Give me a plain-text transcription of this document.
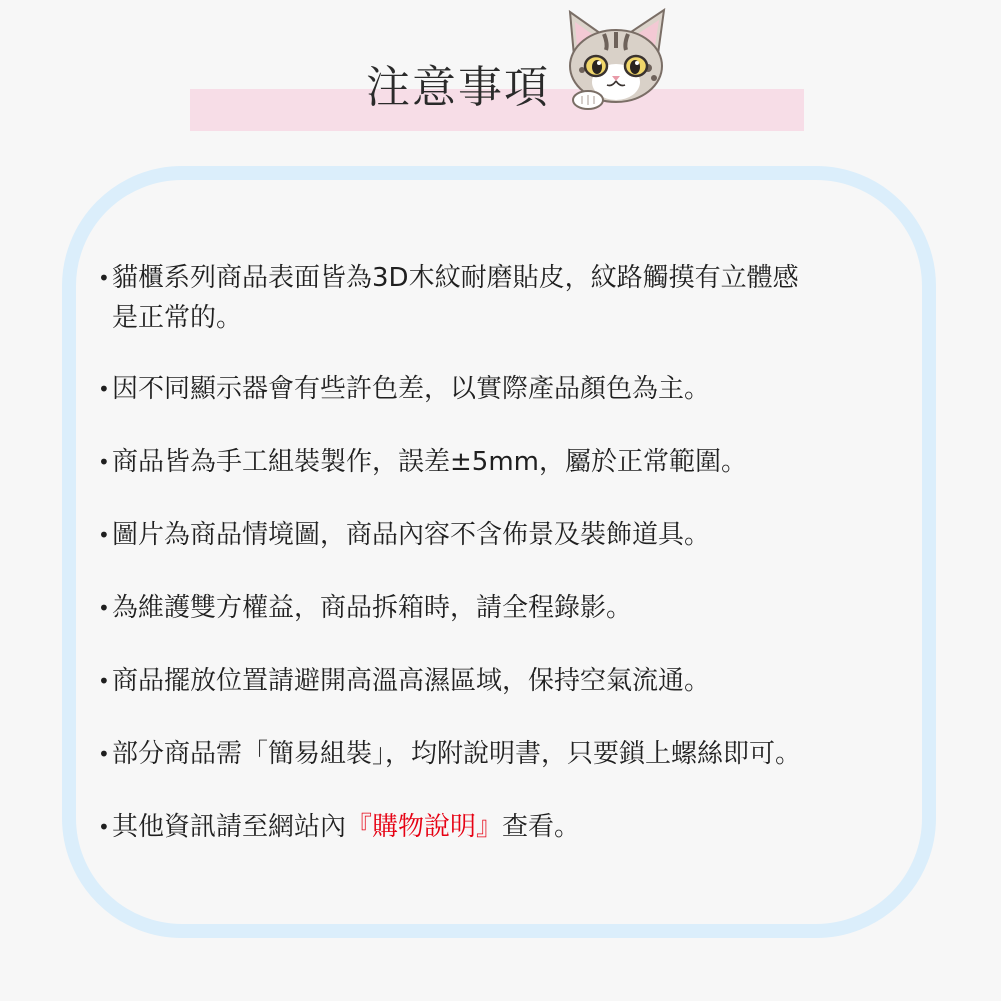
注意事項
• 貓櫃系列商品表面皆為3D木紋耐磨貼皮，紋路觸摸有立體感
是正常的。
• 因不同顯示器會有些許色差，以實際產品顏色為主。
• 商品皆為手工組裝製作，誤差±5mm，屬於正常範圍。
• 圖片為商品情境圖，商品內容不含佈景及裝飾道具。
• 為維護雙方權益，商品拆箱時，請全程錄影。
• 商品擺放位置請避開高溫高濕區域，保持空氣流通。
• 部分商品需「簡易組裝」，均附說明書，只要鎖上螺絲即可。
• 其他資訊請至網站內『購物說明』查看。
